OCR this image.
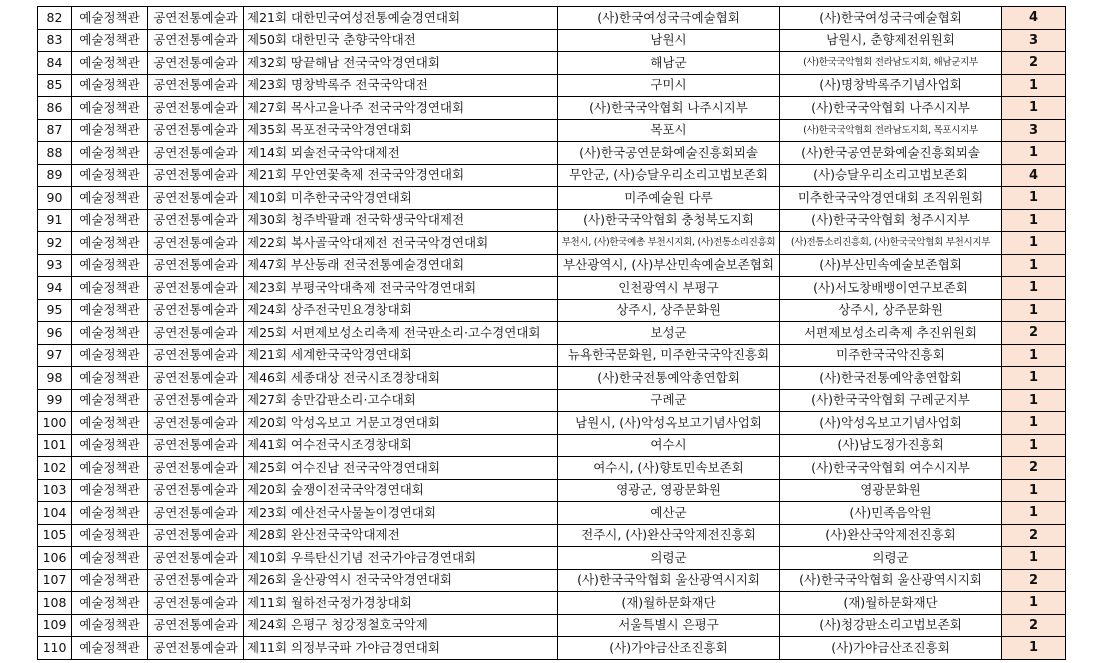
82	예술정책관	공연전통예술과	제21회 대한민국여성전통예술경연대회	(사)한국여성국극예술협회	(사)한국여성국극예술협회	4
83	예술정책관	공연전통예술과	제50회 대한민국 춘향국악대전	남원시	남원시, 춘향제전위원회	3
84	예술정책관	공연전통예술과	제32회 땅끝해남 전국국악경연대회	해남군	(사)한국국악협회 전라남도지회, 해남군지부	2
85	예술정책관	공연전통예술과	제23회 명창박록주 전국국악대전	구미시	(사)명창박록주기념사업회	1
86	예술정책관	공연전통예술과	제27회 목사고을나주 전국국악경연대회	(사)한국국악협회 나주시지부	(사)한국국악협회 나주시지부	1
87	예술정책관	공연전통예술과	제35회 목포전국국악경연대회	목포시	(사)한국국악협회 전라남도지회, 목포시지부	3
88	예술정책관	공연전통예술과	제14회 뫼솔전국국악대제전	(사)한국공연문화예술진흥회뫼솔	(사)한국공연문화예술진흥회뫼솔	1
89	예술정책관	공연전통예술과	제21회 무안연꽃축제 전국국악경연대회	무안군, (사)승달우리소리고법보존회	(사)승달우리소리고법보존회	4
90	예술정책관	공연전통예술과	제10회 미추한국국악경연대회	미주예술원 다루	미추한국국악경연대회 조직위원회	1
91	예술정책관	공연전통예술과	제30회 청주박팔괘 전국학생국악대제전	(사)한국국악협회 충청북도지회	(사)한국국악협회 청주시지부	1
92	예술정책관	공연전통예술과	제22회 복사골국악대제전 전국국악경연대회	부천시, (사)한국예총 부천시지회, (사)전통소리진흥회	(사)전통소리진흥회, (사)한국국악협회 부천시지부	1
93	예술정책관	공연전통예술과	제47회 부산동래 전국전통예술경연대회	부산광역시, (사)부산민속예술보존협회	(사)부산민속예술보존협회	1
94	예술정책관	공연전통예술과	제23회 부평국악대축제 전국국악경연대회	인천광역시 부평구	(사)서도창배뱅이연구보존회	1
95	예술정책관	공연전통예술과	제24회 상주전국민요경창대회	상주시, 상주문화원	상주시, 상주문화원	1
96	예술정책관	공연전통예술과	제25회 서편제보성소리축제 전국판소리·고수경연대회	보성군	서편제보성소리축제 추진위원회	2
97	예술정책관	공연전통예술과	제21회 세계한국국악경연대회	뉴욕한국문화원, 미주한국국악진흥회	미주한국국악진흥회	1
98	예술정책관	공연전통예술과	제46회 세종대상 전국시조경창대회	(사)한국전통예악총연합회	(사)한국전통예악총연합회	1
99	예술정책관	공연전통예술과	제27회 송만갑판소리·고수대회	구례군	(사)한국국악협회 구례군지부	1
100	예술정책관	공연전통예술과	제20회 악성옥보고 거문고경연대회	남원시, (사)악성옥보고기념사업회	(사)악성옥보고기념사업회	1
101	예술정책관	공연전통예술과	제41회 여수전국시조경창대회	여수시	(사)남도정가진흥회	1
102	예술정책관	공연전통예술과	제25회 여수진남 전국국악경연대회	여수시, (사)향토민속보존회	(사)한국국악협회 여수시지부	2
103	예술정책관	공연전통예술과	제20회 숲쟁이전국국악경연대회	영광군, 영광문화원	영광문화원	1
104	예술정책관	공연전통예술과	제23회 예산전국사물놀이경연대회	예산군	(사)민족음악원	1
105	예술정책관	공연전통예술과	제28회 완산전국국악대제전	전주시, (사)완산국악제전진흥회	(사)완산국악제전진흥회	2
106	예술정책관	공연전통예술과	제10회 우륵탄신기념 전국가야금경연대회	의령군	의령군	1
107	예술정책관	공연전통예술과	제26회 울산광역시 전국국악경연대회	(사)한국국악협회 울산광역시지회	(사)한국국악협회 울산광역시지회	2
108	예술정책관	공연전통예술과	제11회 월하전국정가경창대회	(재)월하문화재단	(재)월하문화재단	1
109	예술정책관	공연전통예술과	제24회 은평구 청강정철호국악제	서울특별시 은평구	(사)청강판소리고법보존회	2
110	예술정책관	공연전통예술과	제11회 의정부국파 가야금경연대회	(사)가야금산조진흥회	(사)가야금산조진흥회	1
